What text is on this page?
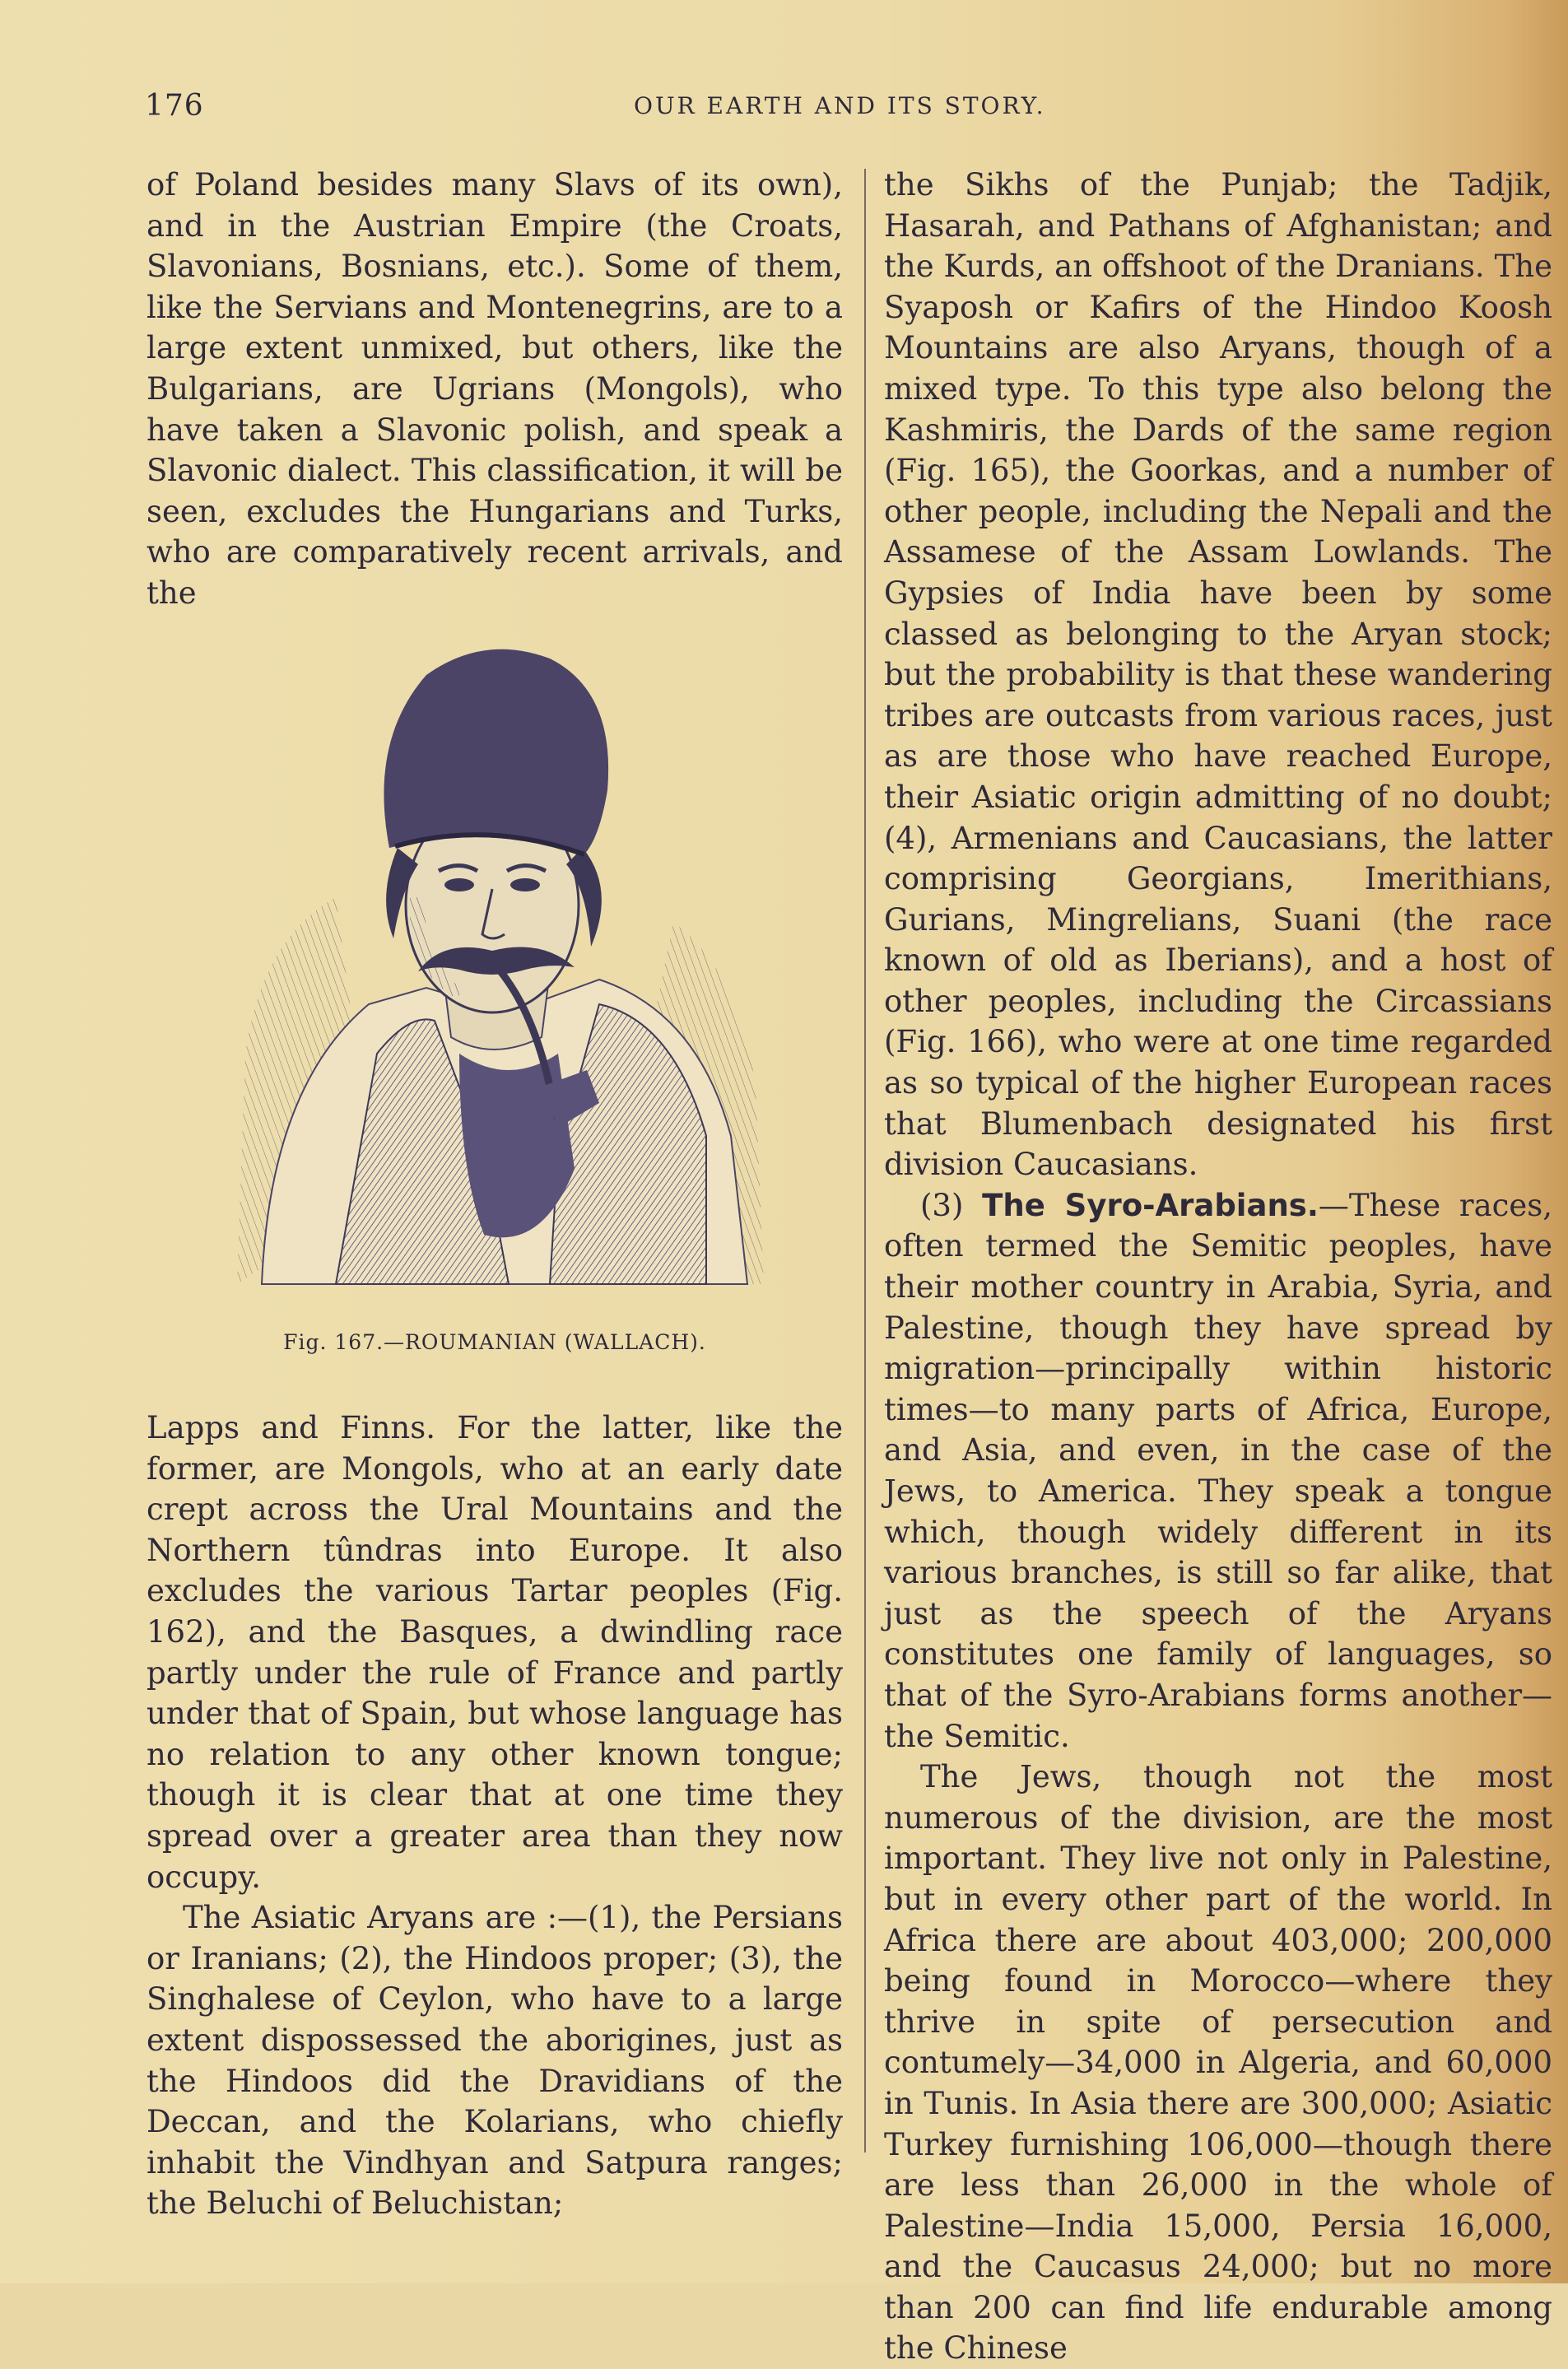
176	OUR EARTH AND ITS STORY.

of Poland besides many Slavs of its own), and in the Austrian Empire (the Croats, Slavonians, Bosnians, etc.). Some of them, like the Servians and Montenegrins, are to a large extent unmixed, but others, like the Bulgarians, are Ugrians (Mongols), who have taken a Slavonic polish, and speak a Slavonic dialect. This classification, it will be seen, excludes the Hungarians and Turks, who are comparatively recent arrivals, and the

Fig. 167.—ROUMANIAN (WALLACH).

Lapps and Finns. For the latter, like the former, are Mongols, who at an early date crept across the Ural Mountains and the Northern tûndras into Europe. It also excludes the various Tartar peoples (Fig. 162), and the Basques, a dwindling race partly under the rule of France and partly under that of Spain, but whose language has no relation to any other known tongue; though it is clear that at one time they spread over a greater area than they now occupy.

The Asiatic Aryans are :—(1), the Persians or Iranians; (2), the Hindoos proper; (3), the Singhalese of Ceylon, who have to a large extent dispossessed the aborigines, just as the Hindoos did the Dravidians of the Deccan, and the Kolarians, who chiefly inhabit the Vindhyan and Satpura ranges; the Beluchi of Beluchistan;

the Sikhs of the Punjab; the Tadjik, Hasarah, and Pathans of Afghanistan; and the Kurds, an offshoot of the Dranians. The Syaposh or Kafirs of the Hindoo Koosh Mountains are also Aryans, though of a mixed type. To this type also belong the Kashmiris, the Dards of the same region (Fig. 165), the Goorkas, and a number of other people, including the Nepali and the Assamese of the Assam Lowlands. The Gypsies of India have been by some classed as belonging to the Aryan stock; but the probability is that these wandering tribes are outcasts from various races, just as are those who have reached Europe, their Asiatic origin admitting of no doubt; (4), Armenians and Caucasians, the latter comprising Georgians, Imerithians, Gurians, Mingrelians, Suani (the race known of old as Iberians), and a host of other peoples, including the Circassians (Fig. 166), who were at one time regarded as so typical of the higher European races that Blumenbach designated his first division Caucasians.

(3) The Syro-Arabians.—These races, often termed the Semitic peoples, have their mother country in Arabia, Syria, and Palestine, though they have spread by migration—principally within historic times—to many parts of Africa, Europe, and Asia, and even, in the case of the Jews, to America. They speak a tongue which, though widely different in its various branches, is still so far alike, that just as the speech of the Aryans constitutes one family of languages, so that of the Syro-Arabians forms another—the Semitic.

The Jews, though not the most numerous of the division, are the most important. They live not only in Palestine, but in every other part of the world. In Africa there are about 403,000; 200,000 being found in Morocco—where they thrive in spite of persecution and contumely—34,000 in Algeria, and 60,000 in Tunis. In Asia there are 300,000; Asiatic Turkey furnishing 106,000—though there are less than 26,000 in the whole of Palestine—India 15,000, Persia 16,000, and the Caucasus 24,000; but no more than 200 can find life endurable among the Chinese
